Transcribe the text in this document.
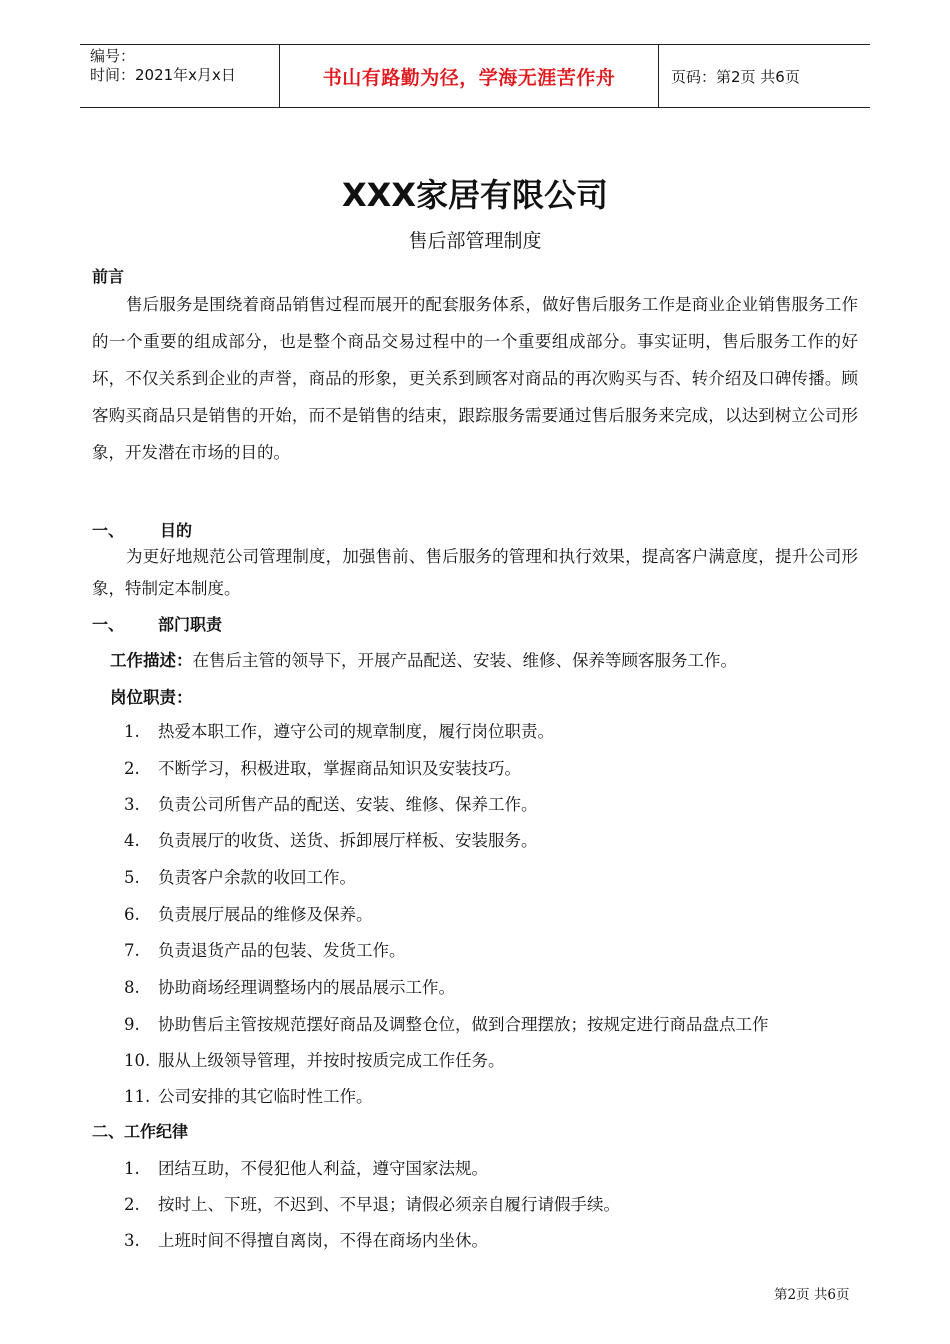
编号：
时间：2021年x月x日	书山有路勤为径，学海无涯苦作舟	页码：第2页 共6页
XXX家居有限公司
售后部管理制度
前言
售后服务是围绕着商品销售过程而展开的配套服务体系，做好售后服务工作是商业企业销售服务工作的一个重要的组成部分，也是整个商品交易过程中的一个重要组成部分。事实证明，售后服务工作的好坏，不仅关系到企业的声誉，商品的形象，更关系到顾客对商品的再次购买与否、转介绍及口碑传播。顾客购买商品只是销售的开始，而不是销售的结束，跟踪服务需要通过售后服务来完成，以达到树立公司形象，开发潜在市场的目的。
一、 目的
为更好地规范公司管理制度，加强售前、售后服务的管理和执行效果，提高客户满意度，提升公司形象，特制定本制度。
一、 部门职责
工作描述：在售后主管的领导下，开展产品配送、安装、维修、保养等顾客服务工作。
岗位职责：
1. 热爱本职工作，遵守公司的规章制度，履行岗位职责。
2. 不断学习，积极进取，掌握商品知识及安装技巧。
3. 负责公司所售产品的配送、安装、维修、保养工作。
4. 负责展厅的收货、送货、拆卸展厅样板、安装服务。
5. 负责客户余款的收回工作。
6. 负责展厅展品的维修及保养。
7. 负责退货产品的包装、发货工作。
8. 协助商场经理调整场内的展品展示工作。
9. 协助售后主管按规范摆好商品及调整仓位，做到合理摆放；按规定进行商品盘点工作
10. 服从上级领导管理，并按时按质完成工作任务。
11. 公司安排的其它临时性工作。
二、工作纪律
1. 团结互助，不侵犯他人利益，遵守国家法规。
2. 按时上、下班，不迟到、不早退；请假必须亲自履行请假手续。
3. 上班时间不得擅自离岗，不得在商场内坐休。
第2页 共6页
